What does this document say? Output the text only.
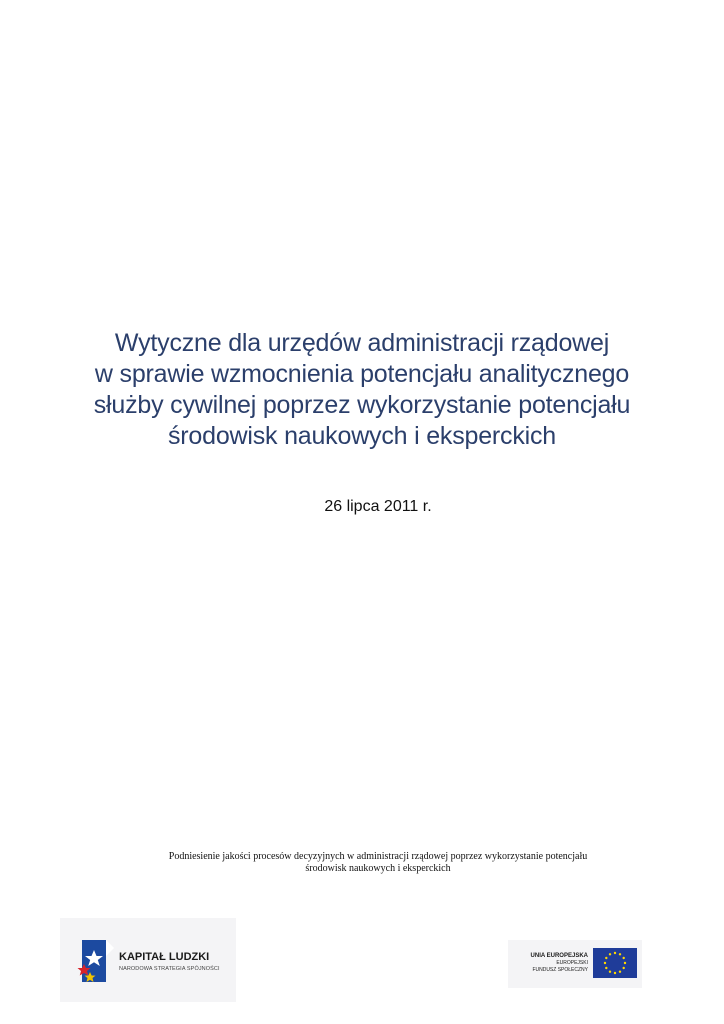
Wytyczne dla urzędów administracji rządowej
w sprawie wzmocnienia potencjału analitycznego
służby cywilnej poprzez wykorzystanie potencjału
środowisk naukowych i eksperckich
26 lipca 2011 r.
Podniesienie jakości procesów decyzyjnych w administracji rządowej poprzez wykorzystanie potencjału
środowisk naukowych i eksperckich
KAPITAŁ LUDZKI
NARODOWA STRATEGIA SPÓJNOŚCI
UNIA EUROPEJSKA
EUROPEJSKI
FUNDUSZ SPOŁECZNY
